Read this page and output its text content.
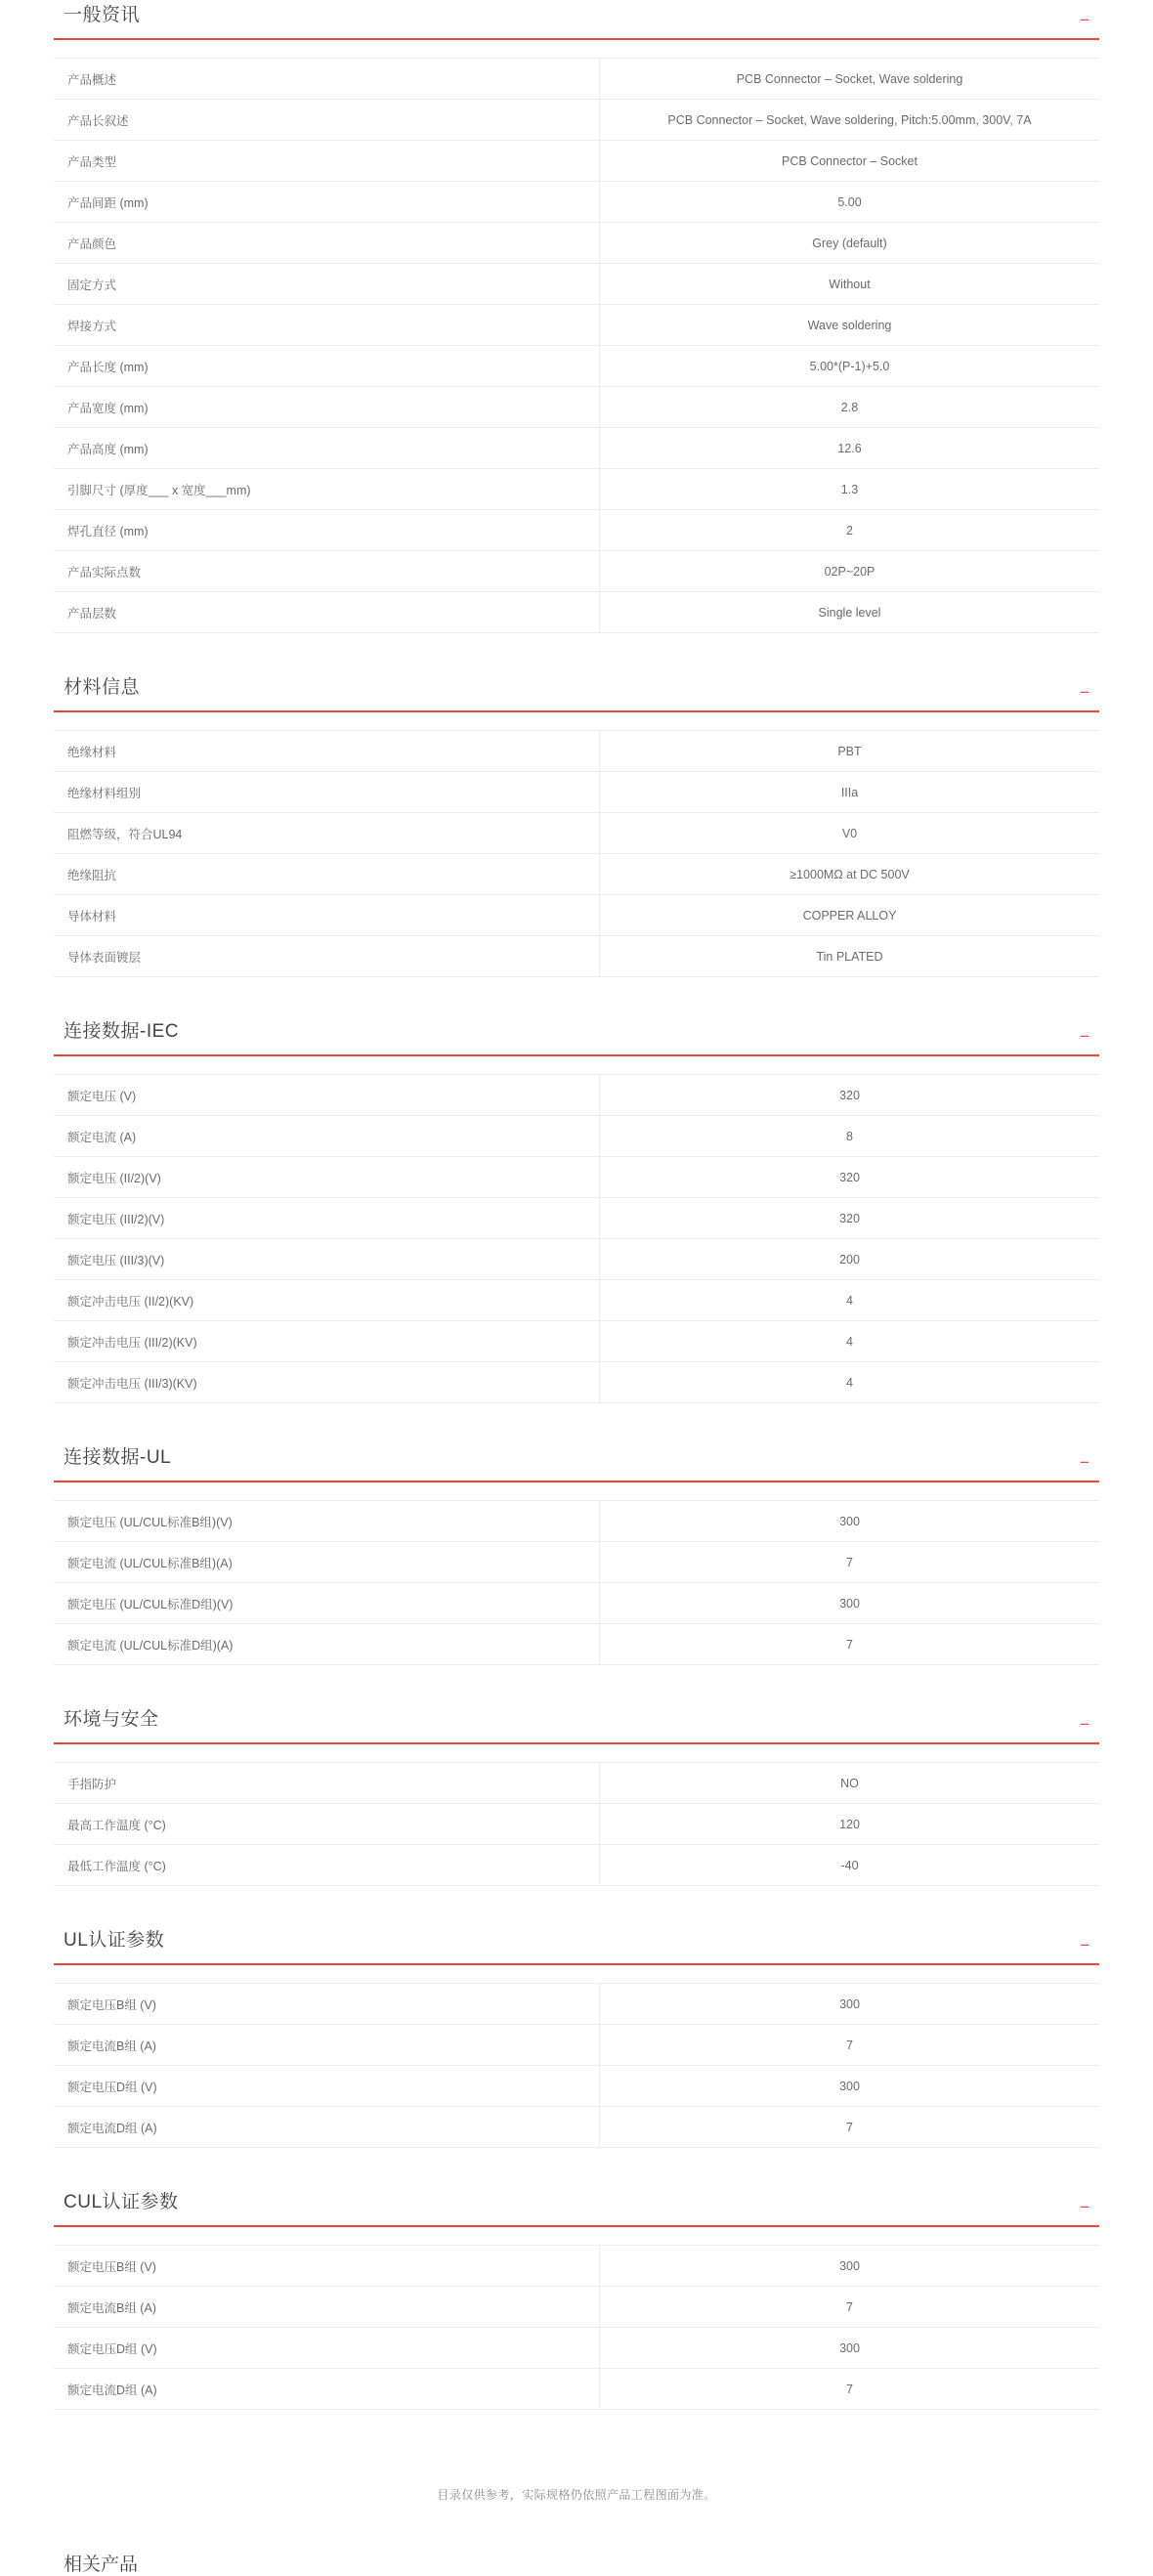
一般资讯	−
产品概述	PCB Connector – Socket, Wave soldering
产品长叙述	PCB Connector – Socket, Wave soldering, Pitch:5.00mm, 300V, 7A
产品类型	PCB Connector – Socket
产品间距 (mm)	5.00
产品颜色	Grey (default)
固定方式	Without
焊接方式	Wave soldering
产品长度 (mm)	5.00*(P-1)+5.0
产品宽度 (mm)	2.8
产品高度 (mm)	12.6
引脚尺寸 (厚度___ x 宽度___mm)	1.3
焊孔直径 (mm)	2
产品实际点数	02P~20P
产品层数	Single level
材料信息	−
绝缘材料	PBT
绝缘材料组别	IIIa
阻燃等级，符合UL94	V0
绝缘阻抗	≥1000MΩ at DC 500V
导体材料	COPPER ALLOY
导体表面镀层	Tin PLATED
连接数据-IEC	−
额定电压 (V)	320
额定电流 (A)	8
额定电压 (II/2)(V)	320
额定电压 (III/2)(V)	320
额定电压 (III/3)(V)	200
额定冲击电压 (II/2)(KV)	4
额定冲击电压 (III/2)(KV)	4
额定冲击电压 (III/3)(KV)	4
连接数据-UL	−
额定电压 (UL/CUL标准B组)(V)	300
额定电流 (UL/CUL标准B组)(A)	7
额定电压 (UL/CUL标准D组)(V)	300
额定电流 (UL/CUL标准D组)(A)	7
环境与安全	−
手指防护	NO
最高工作温度 (°C)	120
最低工作温度 (°C)	-40
UL认证参数	−
额定电压B组 (V)	300
额定电流B组 (A)	7
额定电压D组 (V)	300
额定电流D组 (A)	7
CUL认证参数	−
额定电压B组 (V)	300
额定电流B组 (A)	7
额定电压D组 (V)	300
额定电流D组 (A)	7
目录仅供参考，实际规格仍依照产品工程图面为准。
相关产品
